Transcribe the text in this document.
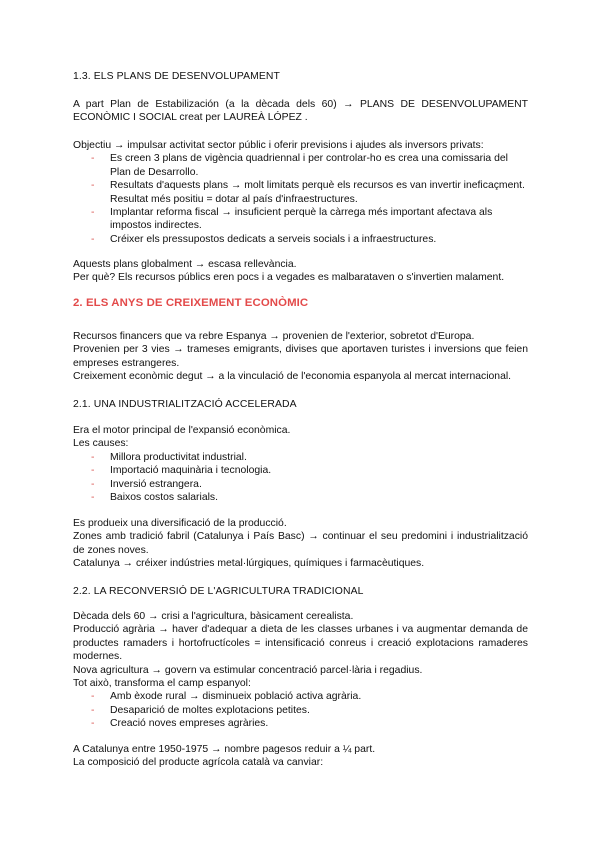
1.3. ELS PLANS DE DESENVOLUPAMENT

A part Plan de Estabilización (a la dècada dels 60) → PLANS DE DESENVOLUPAMENT ECONÒMIC I SOCIAL creat per LAUREÀ LÓPEZ .

Objectiu → impulsar activitat sector públic i oferir previsions i ajudes als inversors privats:

- Es creen 3 plans de vigència quadriennal i per controlar-ho es crea una comissaria del Plan de Desarrollo.
- Resultats d'aquests plans → molt limitats perquè els recursos es van invertir ineficaçment. Resultat més positiu = dotar al país d'infraestructures.
- Implantar reforma fiscal → insuficient perquè la càrrega més important afectava als impostos indirectes.
- Créixer els pressupostos dedicats a serveis socials i a infraestructures.

Aquests plans globalment → escasa rellevància.

Per què? Els recursos públics eren pocs i a vegades es malbarataven o s'invertien malament.

2. ELS ANYS DE CREIXEMENT ECONÒMIC

Recursos financers que va rebre Espanya → provenien de l'exterior, sobretot d'Europa.

Provenien per 3 vies → trameses emigrants, divises que aportaven turistes i inversions que feien empreses estrangeres.

Creixement econòmic degut → a la vinculació de l'economia espanyola al mercat internacional.

2.1. UNA INDUSTRIALITZACIÓ ACCELERADA

Era el motor principal de l'expansió econòmica.

Les causes:

- Millora productivitat industrial.
- Importació maquinària i tecnologia.
- Inversió estrangera.
- Baixos costos salarials.

Es produeix una diversificació de la producció.

Zones amb tradició fabril (Catalunya i País Basc) → continuar el seu predomini i industrialització de zones noves.

Catalunya → créixer indústries metal·lúrgiques, químiques i farmacèutiques.

2.2. LA RECONVERSIÓ DE L'AGRICULTURA TRADICIONAL

Dècada dels 60 → crisi a l'agricultura, bàsicament cerealista.

Producció agrària → haver d'adequar a dieta de les classes urbanes i va augmentar demanda de productes ramaders i hortofructícoles = intensificació conreus i creació explotacions ramaderes modernes.

Nova agricultura → govern va estimular concentració parcel·lària i regadius.

Tot això, transforma el camp espanyol:

- Amb èxode rural → disminueix població activa agrària.
- Desaparició de moltes explotacions petites.
- Creació noves empreses agràries.

A Catalunya entre 1950-1975 → nombre pagesos reduir a ¼ part.

La composició del producte agrícola català va canviar:
